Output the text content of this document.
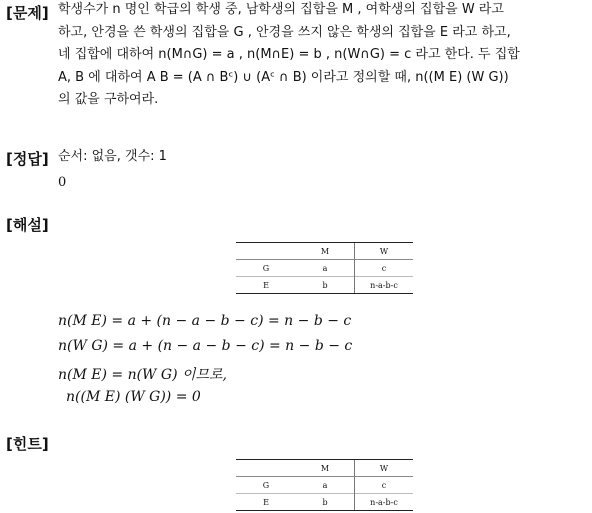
[문제] 학생수가 n 명인 학급의 학생 중, 남학생의 집합을 M , 여학생의 집합을 W 라고
하고, 안경을 쓴 학생의 집합을 G , 안경을 쓰지 않은 학생의 집합을 E 라고 하고,
네 집합에 대하여 n(M∩G) = a , n(M∩E) = b , n(W∩G) = c 라고 한다. 두 집합
A, B 에 대하여 A B = (A ∩ Bᶜ) ∪ (Aᶜ ∩ B) 이라고 정의할 때, n((M E) (W G))
의 값을 구하여라.
[정답] 순서: 없음, 갯수: 1
0
[해설]
	M	W
G	a	c
E	b	n-a-b-c
n(M E) = a + (n − a − b − c) = n − b − c
n(W G) = a + (n − a − b − c) = n − b − c
n(M E) = n(W G) 이므로,
n((M E) (W G)) = 0
[힌트]
	M	W
G	a	c
E	b	n-a-b-c
